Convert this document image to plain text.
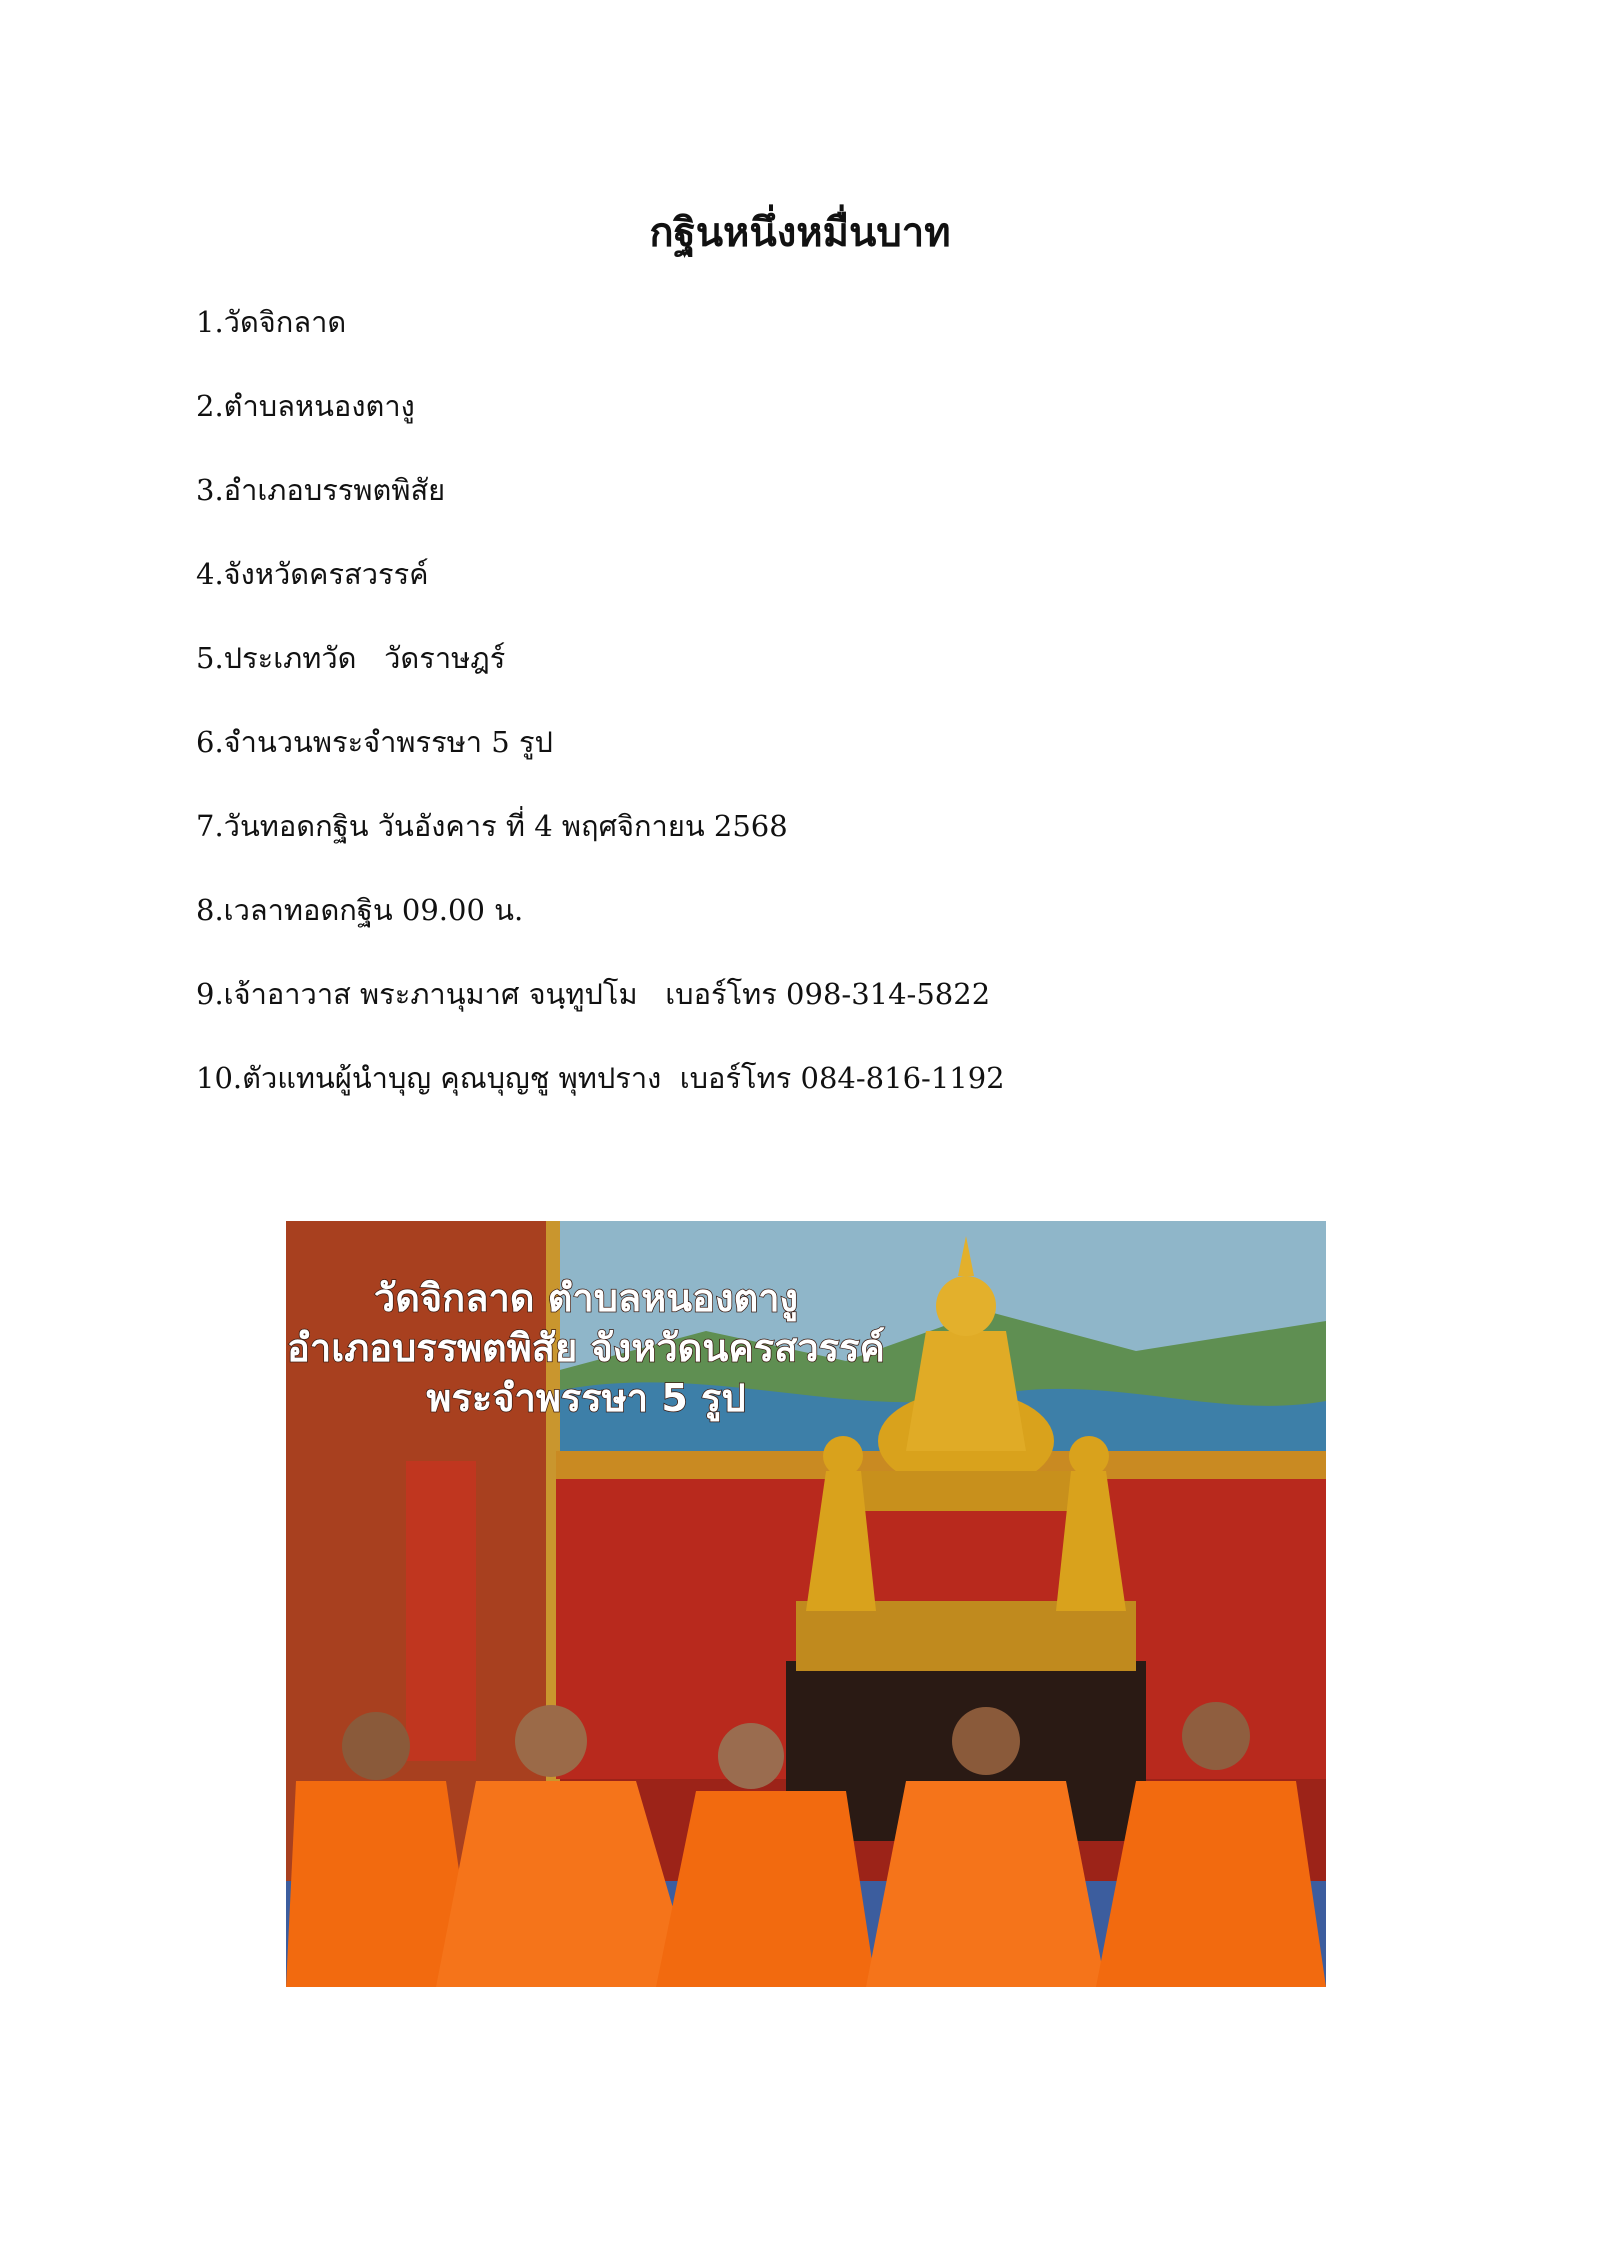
กฐินหนึ่งหมื่นบาท
1.วัดจิกลาด
2.ตำบลหนองตางู
3.อำเภอบรรพตพิสัย
4.จังหวัดครสวรรค์
5.ประเภทวัด   วัดราษฎร์
6.จำนวนพระจำพรรษา 5 รูป
7.วันทอดกฐิน วันอังคาร ที่ 4 พฤศจิกายน 2568
8.เวลาทอดกฐิน 09.00 น.
9.เจ้าอาวาส พระภานุมาศ จนฺทูปโม   เบอร์โทร 098-314-5822
10.ตัวแทนผู้นำบุญ คุณบุญชู พุทปราง  เบอร์โทร 084-816-1192
วัดจิกลาด ตำบลหนองตางู
อำเภอบรรพตพิสัย จังหวัดนครสวรรค์
พระจำพรรษา 5 รูป
